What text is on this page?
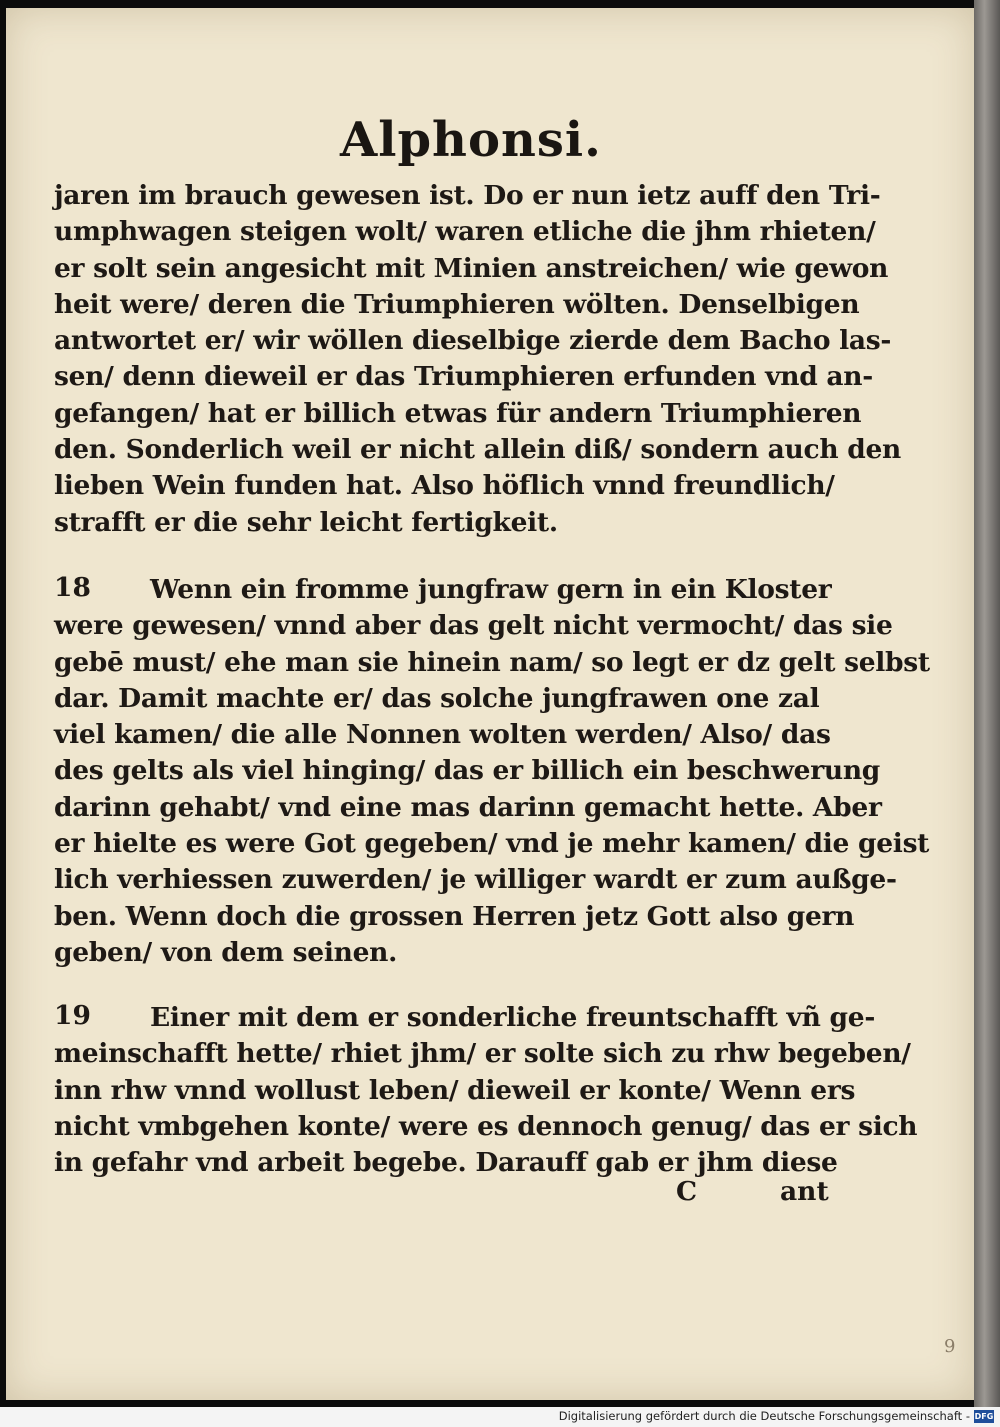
Alphonsi.
jaren im brauch gewesen ist. Do er nun ietz auff den Tri-
umphwagen steigen wolt/ waren etliche die jhm rhieten/
er solt sein angesicht mit Minien anstreichen/ wie gewon
heit were/ deren die Triumphieren wölten. Denselbigen
antwortet er/ wir wöllen dieselbige zierde dem Bacho las-
sen/ denn dieweil er das Triumphieren erfunden vnd an-
gefangen/ hat er billich etwas für andern Triumphieren
den. Sonderlich weil er nicht allein diß/ sondern auch den
lieben Wein funden hat. Also höflich vnnd freundlich/
strafft er die sehr leicht fertigkeit.
18	Wenn ein fromme jungfraw gern in ein Kloster
were gewesen/ vnnd aber das gelt nicht vermocht/ das sie
gebē must/ ehe man sie hinein nam/ so legt er dz gelt selbst
dar. Damit machte er/ das solche jungfrawen one zal
viel kamen/ die alle Nonnen wolten werden/ Also/ das
des gelts als viel hinging/ das er billich ein beschwerung
darinn gehabt/ vnd eine mas darinn gemacht hette. Aber
er hielte es were Got gegeben/ vnd je mehr kamen/ die geist
lich verhiessen zuwerden/ je williger wardt er zum außge-
ben. Wenn doch die grossen Herren jetz Gott also gern
geben/ von dem seinen.
19	Einer mit dem er sonderliche freuntschafft vñ ge-
meinschafft hette/ rhiet jhm/ er solte sich zu rhw begeben/
inn rhw vnnd wollust leben/ dieweil er konte/ Wenn ers
nicht vmbgehen konte/ were es dennoch genug/ das er sich
in gefahr vnd arbeit begebe. Darauff gab er jhm diese
C	ant
9
Digitalisierung gefördert durch die Deutsche Forschungsgemeinschaft - DFG
